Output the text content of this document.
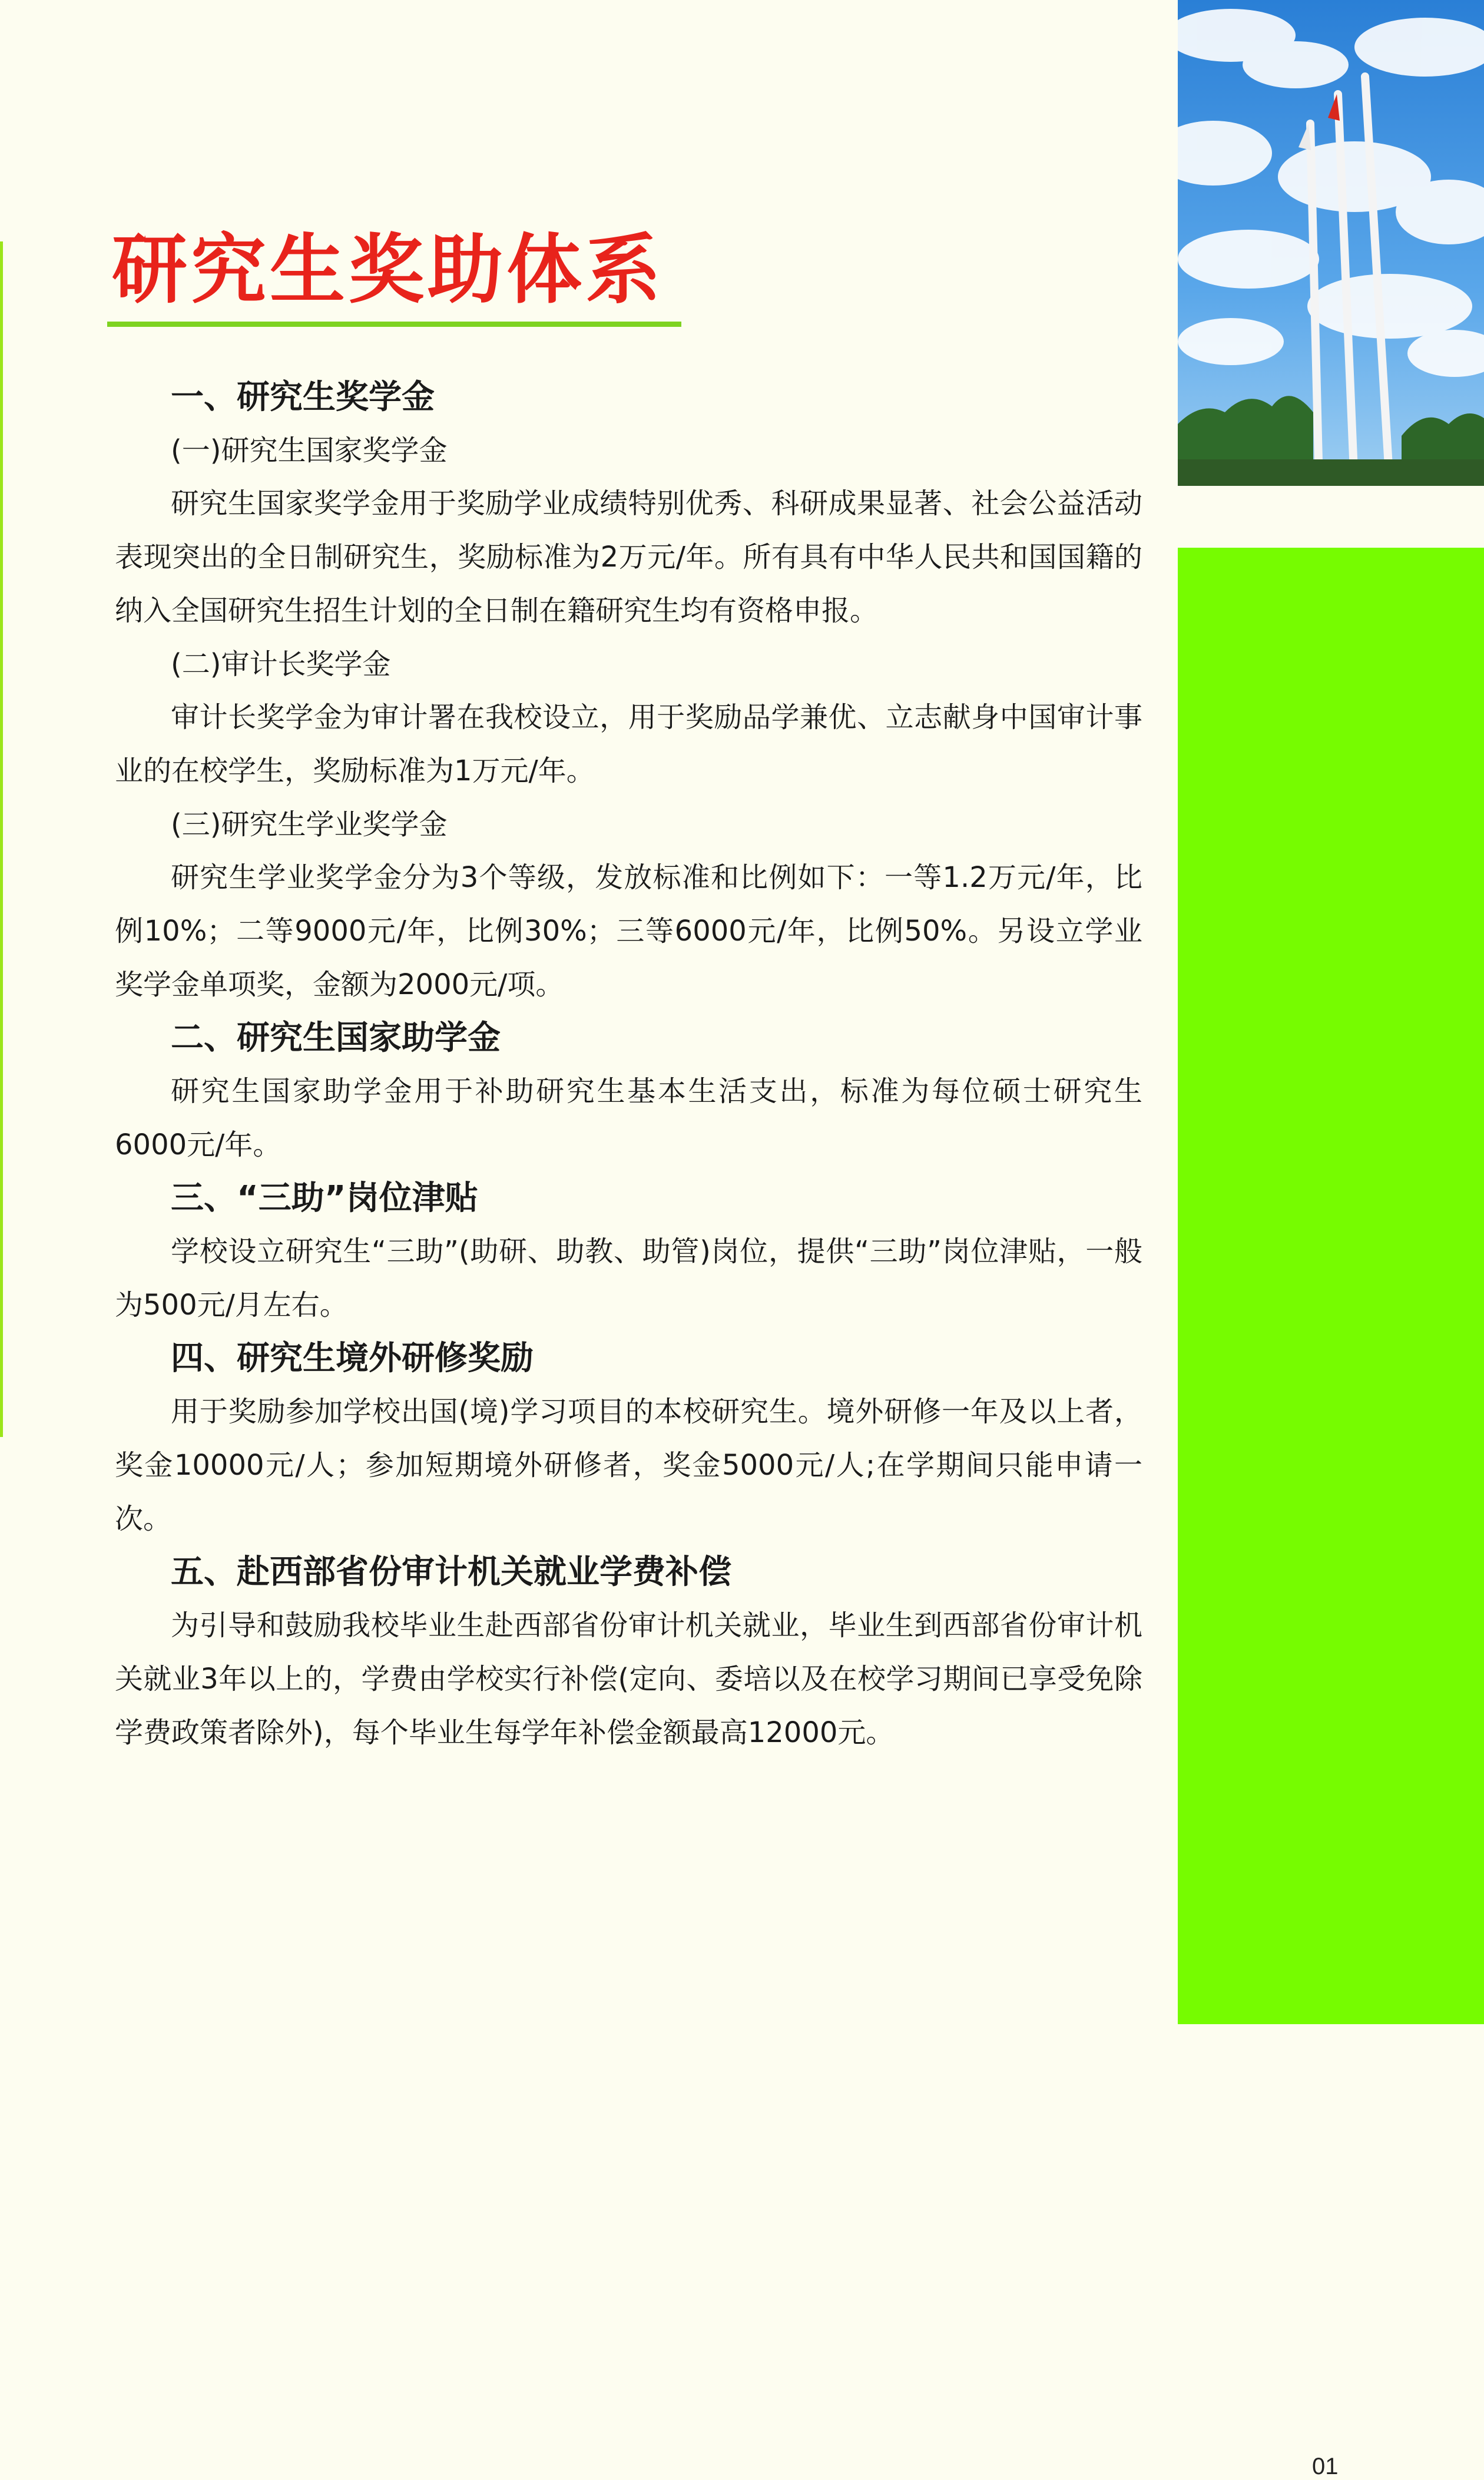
01
研究生奖助体系

一、研究生奖学金

(一)研究生国家奖学金

研究生国家奖学金用于奖励学业成绩特别优秀、科研成果显著、社会公益活动表现突出的全日制研究生，奖励标准为2万元/年。所有具有中华人民共和国国籍的纳入全国研究生招生计划的全日制在籍研究生均有资格申报。

(二)审计长奖学金

审计长奖学金为审计署在我校设立，用于奖励品学兼优、立志献身中国审计事业的在校学生，奖励标准为1万元/年。

(三)研究生学业奖学金

研究生学业奖学金分为3个等级，发放标准和比例如下：一等1.2万元/年，比例10%；二等9000元/年，比例30%；三等6000元/年，比例50%。另设立学业奖学金单项奖，金额为2000元/项。

二、研究生国家助学金

研究生国家助学金用于补助研究生基本生活支出，标准为每位硕士研究生6000元/年。

三、“三助”岗位津贴

学校设立研究生“三助”(助研、助教、助管)岗位，提供“三助”岗位津贴，一般为500元/月左右。

四、研究生境外研修奖励

用于奖励参加学校出国(境)学习项目的本校研究生。境外研修一年及以上者，奖金10000元/人；参加短期境外研修者，奖金5000元/人;在学期间只能申请一次。

五、赴西部省份审计机关就业学费补偿

为引导和鼓励我校毕业生赴西部省份审计机关就业，毕业生到西部省份审计机关就业3年以上的，学费由学校实行补偿(定向、委培以及在校学习期间已享受免除学费政策者除外)，每个毕业生每学年补偿金额最高12000元。
